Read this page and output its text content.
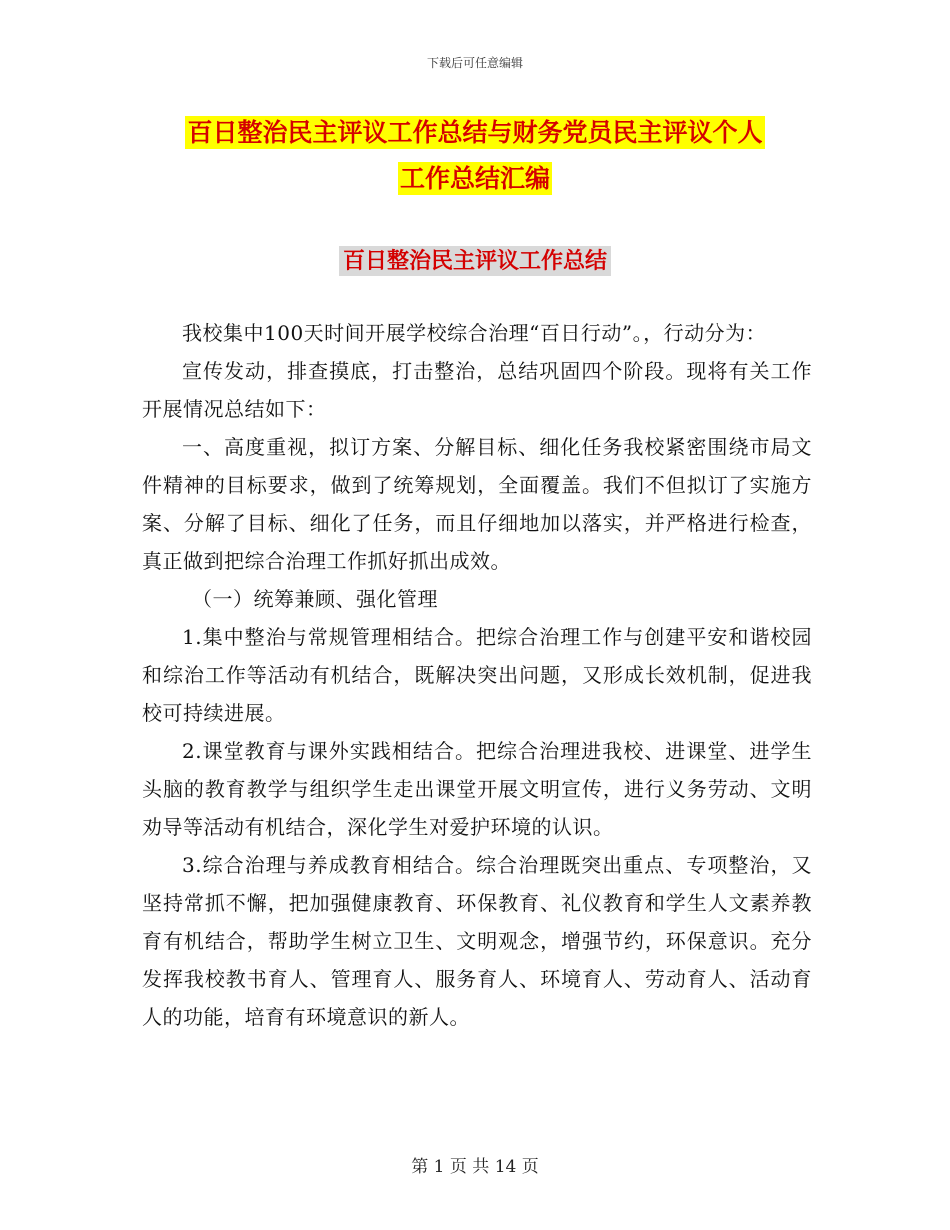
下载后可任意编辑
百日整治民主评议工作总结与财务党员民主评议个人
工作总结汇编
百日整治民主评议工作总结

我校集中100天时间开展学校综合治理“百日行动”。，行动分为：

宣传发动，排查摸底，打击整治，总结巩固四个阶段。现将有关工作开展情况总结如下：

一、高度重视，拟订方案、分解目标、细化任务我校紧密围绕市局文件精神的目标要求，做到了统筹规划，全面覆盖。我们不但拟订了实施方案、分解了目标、细化了任务，而且仔细地加以落实，并严格进行检查，真正做到把综合治理工作抓好抓出成效。

（一）统筹兼顾、强化管理

1.集中整治与常规管理相结合。把综合治理工作与创建平安和谐校园和综治工作等活动有机结合，既解决突出问题，又形成长效机制，促进我校可持续进展。

2.课堂教育与课外实践相结合。把综合治理进我校、进课堂、进学生头脑的教育教学与组织学生走出课堂开展文明宣传，进行义务劳动、文明劝导等活动有机结合，深化学生对爱护环境的认识。

3.综合治理与养成教育相结合。综合治理既突出重点、专项整治，又坚持常抓不懈，把加强健康教育、环保教育、礼仪教育和学生人文素养教育有机结合，帮助学生树立卫生、文明观念，增强节约，环保意识。充分发挥我校教书育人、管理育人、服务育人、环境育人、劳动育人、活动育人的功能，培育有环境意识的新人。

第 1 页 共 14 页
